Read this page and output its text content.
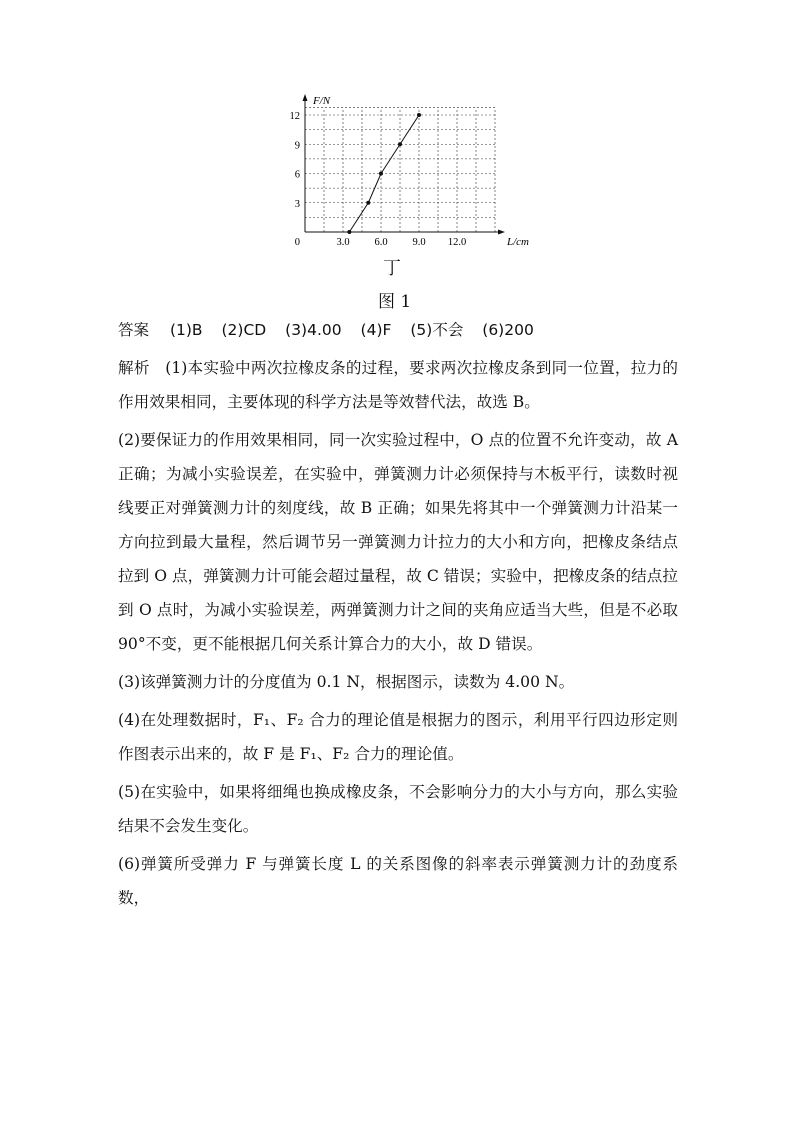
3.0 6.0 9.0 12.0
3
6
9
12
F/N
L/cm
0
丁
图 1
答案 (1)B (2)CD (3)4.00 (4)F (5)不会 (6)200

解析 (1)本实验中两次拉橡皮条的过程，要求两次拉橡皮条到同一位置，拉力的作用效果相同，主要体现的科学方法是等效替代法，故选 B。

(2)要保证力的作用效果相同，同一次实验过程中，O 点的位置不允许变动，故 A 正确；为减小实验误差，在实验中，弹簧测力计必须保持与木板平行，读数时视线要正对弹簧测力计的刻度线，故 B 正确；如果先将其中一个弹簧测力计沿某一方向拉到最大量程，然后调节另一弹簧测力计拉力的大小和方向，把橡皮条结点拉到 O 点，弹簧测力计可能会超过量程，故 C 错误；实验中，把橡皮条的结点拉到 O 点时，为减小实验误差，两弹簧测力计之间的夹角应适当大些，但是不必取 90°不变，更不能根据几何关系计算合力的大小，故 D 错误。

(3)该弹簧测力计的分度值为 0.1 N，根据图示，读数为 4.00 N。

(4)在处理数据时，F₁、F₂ 合力的理论值是根据力的图示，利用平行四边形定则作图表示出来的，故 F 是 F₁、F₂ 合力的理论值。

(5)在实验中，如果将细绳也换成橡皮条，不会影响分力的大小与方向，那么实验结果不会发生变化。

(6)弹簧所受弹力 F 与弹簧长度 L 的关系图像的斜率表示弹簧测力计的劲度系数，
